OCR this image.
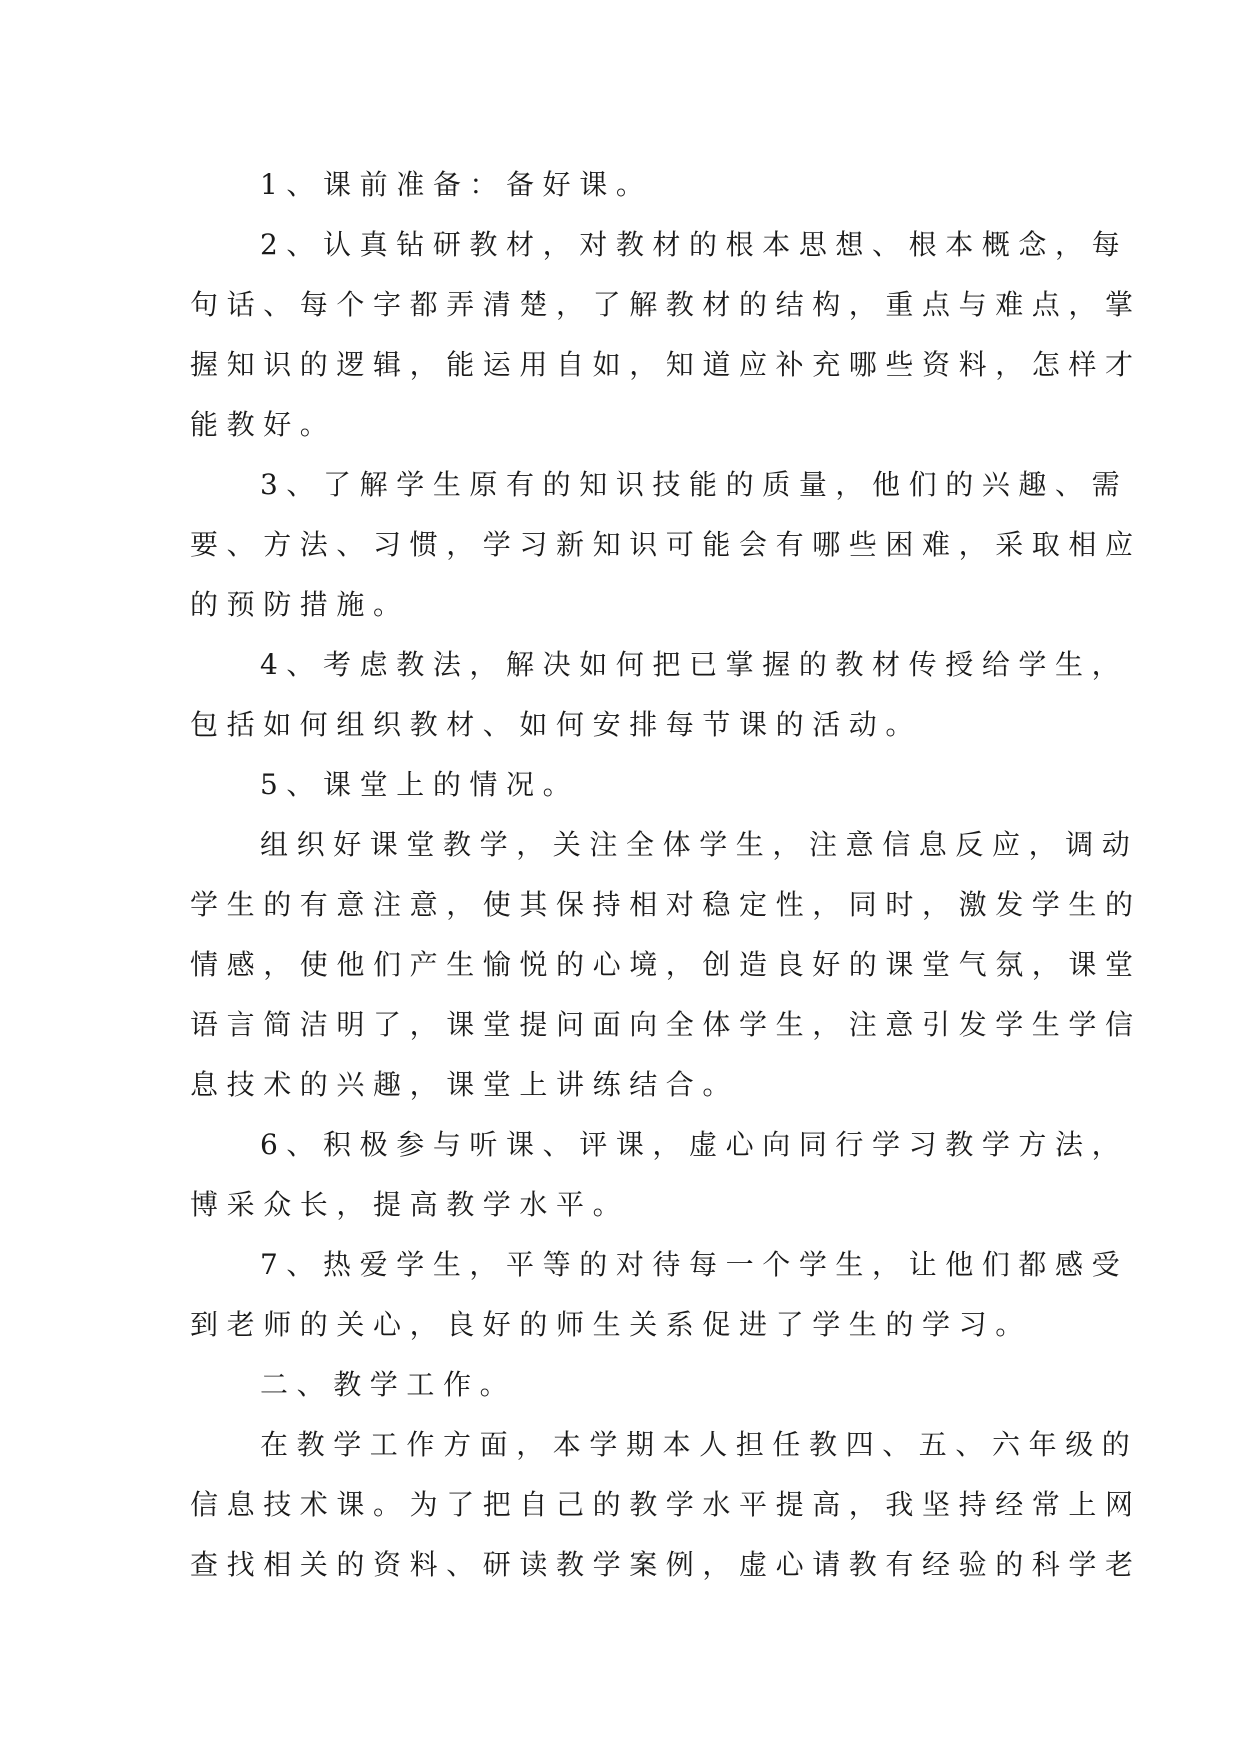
1、课前准备：备好课。
2、认真钻研教材，对教材的根本思想、根本概念，每
句话、每个字都弄清楚，了解教材的结构，重点与难点，掌
握知识的逻辑，能运用自如，知道应补充哪些资料，怎样才
能教好。
3、了解学生原有的知识技能的质量，他们的兴趣、需
要、方法、习惯，学习新知识可能会有哪些困难，采取相应
的预防措施。
4、考虑教法，解决如何把已掌握的教材传授给学生，
包括如何组织教材、如何安排每节课的活动。
5、课堂上的情况。
组织好课堂教学，关注全体学生，注意信息反应，调动
学生的有意注意，使其保持相对稳定性，同时，激发学生的
情感，使他们产生愉悦的心境，创造良好的课堂气氛，课堂
语言简洁明了，课堂提问面向全体学生，注意引发学生学信
息技术的兴趣，课堂上讲练结合。
6、积极参与听课、评课，虚心向同行学习教学方法，
博采众长，提高教学水平。
7、热爱学生，平等的对待每一个学生，让他们都感受
到老师的关心，良好的师生关系促进了学生的学习。
二、教学工作。
在教学工作方面，本学期本人担任教四、五、六年级的
信息技术课。为了把自己的教学水平提高，我坚持经常上网
查找相关的资料、研读教学案例，虚心请教有经验的科学老
